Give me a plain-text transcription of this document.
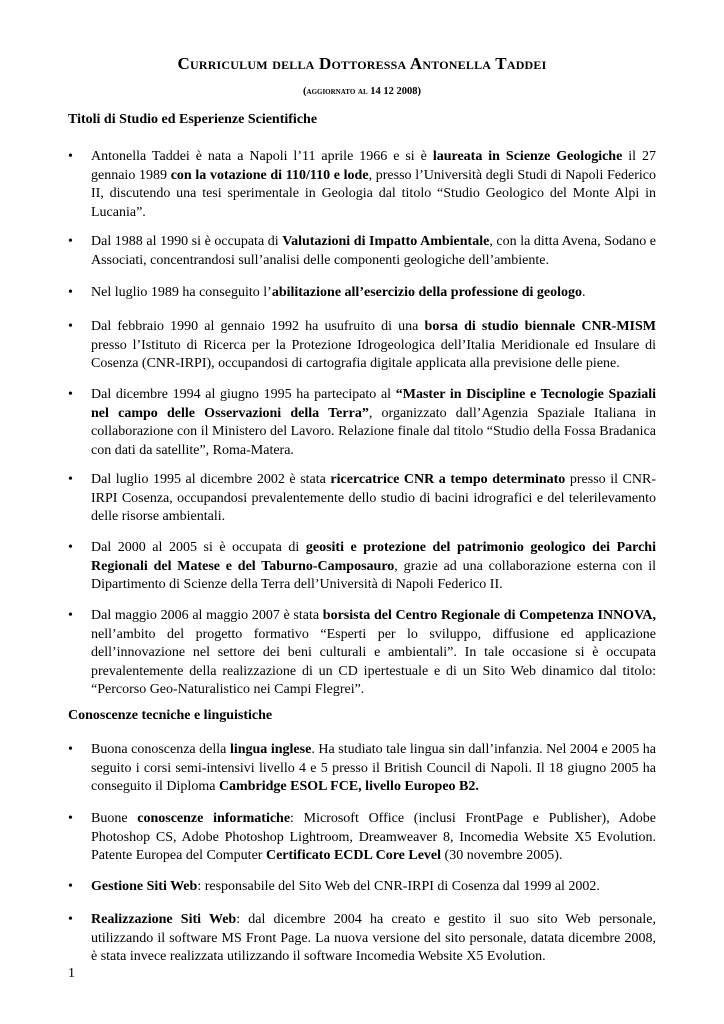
Curriculum della Dottoressa Antonella Taddei
(aggiornato al 14 12 2008)
Titoli di Studio ed Esperienze Scientifiche
• Antonella Taddei è nata a Napoli l’11 aprile 1966 e si è laureata in Scienze Geologiche il 27 gennaio 1989 con la votazione di 110/110 e lode, presso l’Università degli Studi di Napoli Federico II, discutendo una tesi sperimentale in Geologia dal titolo “Studio Geologico del Monte Alpi in Lucania”.
• Dal 1988 al 1990 si è occupata di Valutazioni di Impatto Ambientale, con la ditta Avena, Sodano e Associati, concentrandosi sull’analisi delle componenti geologiche dell’ambiente.
• Nel luglio 1989 ha conseguito l’abilitazione all’esercizio della professione di geologo.
• Dal febbraio 1990 al gennaio 1992 ha usufruito di una borsa di studio biennale CNR-MISM presso l’Istituto di Ricerca per la Protezione Idrogeologica dell’Italia Meridionale ed Insulare di Cosenza (CNR-IRPI), occupandosi di cartografia digitale applicata alla previsione delle piene.
• Dal dicembre 1994 al giugno 1995 ha partecipato al “Master in Discipline e Tecnologie Spaziali nel campo delle Osservazioni della Terra”, organizzato dall’Agenzia Spaziale Italiana in collaborazione con il Ministero del Lavoro. Relazione finale dal titolo “Studio della Fossa Bradanica con dati da satellite”, Roma-Matera.
• Dal luglio 1995 al dicembre 2002 è stata ricercatrice CNR a tempo determinato presso il CNR-IRPI Cosenza, occupandosi prevalentemente dello studio di bacini idrografici e del telerilevamento delle risorse ambientali.
• Dal 2000 al 2005 si è occupata di geositi e protezione del patrimonio geologico dei Parchi Regionali del Matese e del Taburno-Camposauro, grazie ad una collaborazione esterna con il Dipartimento di Scienze della Terra dell’Università di Napoli Federico II.
• Dal maggio 2006 al maggio 2007 è stata borsista del Centro Regionale di Competenza INNOVA, nell’ambito del progetto formativo “Esperti per lo sviluppo, diffusione ed applicazione dell’innovazione nel settore dei beni culturali e ambientali”. In tale occasione si è occupata prevalentemente della realizzazione di un CD ipertestuale e di un Sito Web dinamico dal titolo: “Percorso Geo-Naturalistico nei Campi Flegrei”.
Conoscenze tecniche e linguistiche
• Buona conoscenza della lingua inglese. Ha studiato tale lingua sin dall’infanzia. Nel 2004 e 2005 ha seguito i corsi semi-intensivi livello 4 e 5 presso il British Council di Napoli. Il 18 giugno 2005 ha conseguito il Diploma Cambridge ESOL FCE, livello Europeo B2.
• Buone conoscenze informatiche: Microsoft Office (inclusi FrontPage e Publisher), Adobe Photoshop CS, Adobe Photoshop Lightroom, Dreamweaver 8, Incomedia Website X5 Evolution. Patente Europea del Computer Certificato ECDL Core Level (30 novembre 2005).
• Gestione Siti Web: responsabile del Sito Web del CNR-IRPI di Cosenza dal 1999 al 2002.
• Realizzazione Siti Web: dal dicembre 2004 ha creato e gestito il suo sito Web personale, utilizzando il software MS Front Page. La nuova versione del sito personale, datata dicembre 2008, è stata invece realizzata utilizzando il software Incomedia Website X5 Evolution.
1
